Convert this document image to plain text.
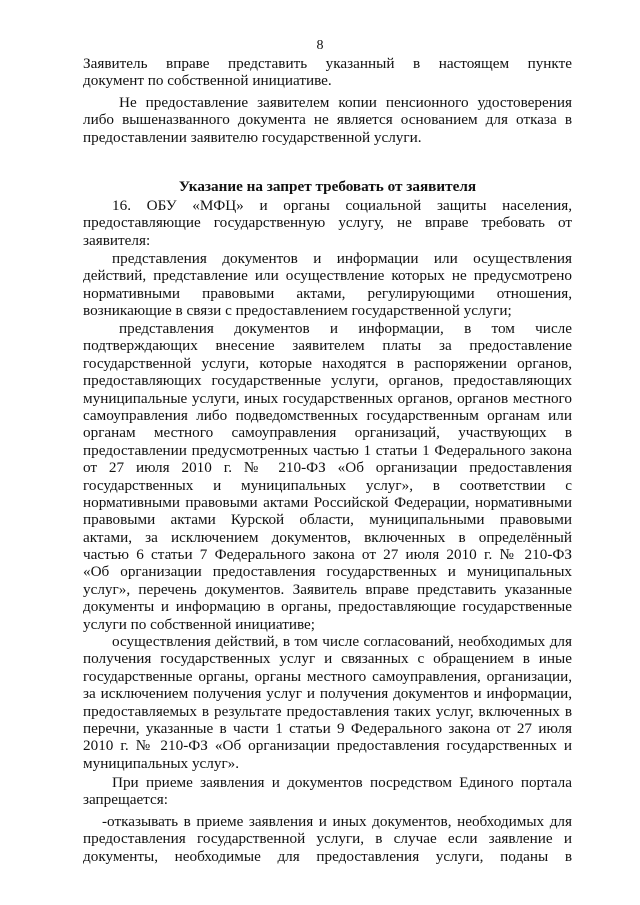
8
Заявитель вправе представить указанный в настоящем пункте
документ по собственной инициативе.
Не предоставление заявителем копии пенсионного удостоверения
либо вышеназванного документа не является основанием для отказа в
предоставлении заявителю государственной услуги.
Указание на запрет требовать от заявителя
16. ОБУ «МФЦ» и органы социальной защиты населения,
предоставляющие государственную услугу, не вправе требовать от
заявителя:
представления документов и информации или осуществления
действий, представление или осуществление которых не предусмотрено
нормативными правовыми актами, регулирующими отношения,
возникающие в связи с предоставлением государственной услуги;
представления документов и информации, в том числе
подтверждающих внесение заявителем платы за предоставление
государственной услуги, которые находятся в распоряжении органов,
предоставляющих государственные услуги, органов, предоставляющих
муниципальные услуги, иных государственных органов, органов местного
самоуправления либо подведомственных государственным органам или
органам местного самоуправления организаций, участвующих в
предоставлении предусмотренных частью 1 статьи 1 Федерального закона
от 27 июля 2010 г. № 210-ФЗ «Об организации предоставления
государственных и муниципальных услуг», в соответствии с
нормативными правовыми актами Российской Федерации, нормативными
правовыми актами Курской области, муниципальными правовыми
актами, за исключением документов, включенных в определённый
частью 6 статьи 7 Федерального закона от 27 июля 2010 г. № 210-ФЗ
«Об организации предоставления государственных и муниципальных
услуг», перечень документов. Заявитель вправе представить указанные
документы и информацию в органы, предоставляющие государственные
услуги по собственной инициативе;
осуществления действий, в том числе согласований, необходимых для
получения государственных услуг и связанных с обращением в иные
государственные органы, органы местного самоуправления, организации,
за исключением получения услуг и получения документов и информации,
предоставляемых в результате предоставления таких услуг, включенных в
перечни, указанные в части 1 статьи 9 Федерального закона от 27 июля
2010 г. № 210-ФЗ «Об организации предоставления государственных и
муниципальных услуг».
При приеме заявления и документов посредством Единого портала
запрещается:
-отказывать в приеме заявления и иных документов, необходимых для
предоставления государственной услуги, в случае если заявление и
документы, необходимые для предоставления услуги, поданы в
